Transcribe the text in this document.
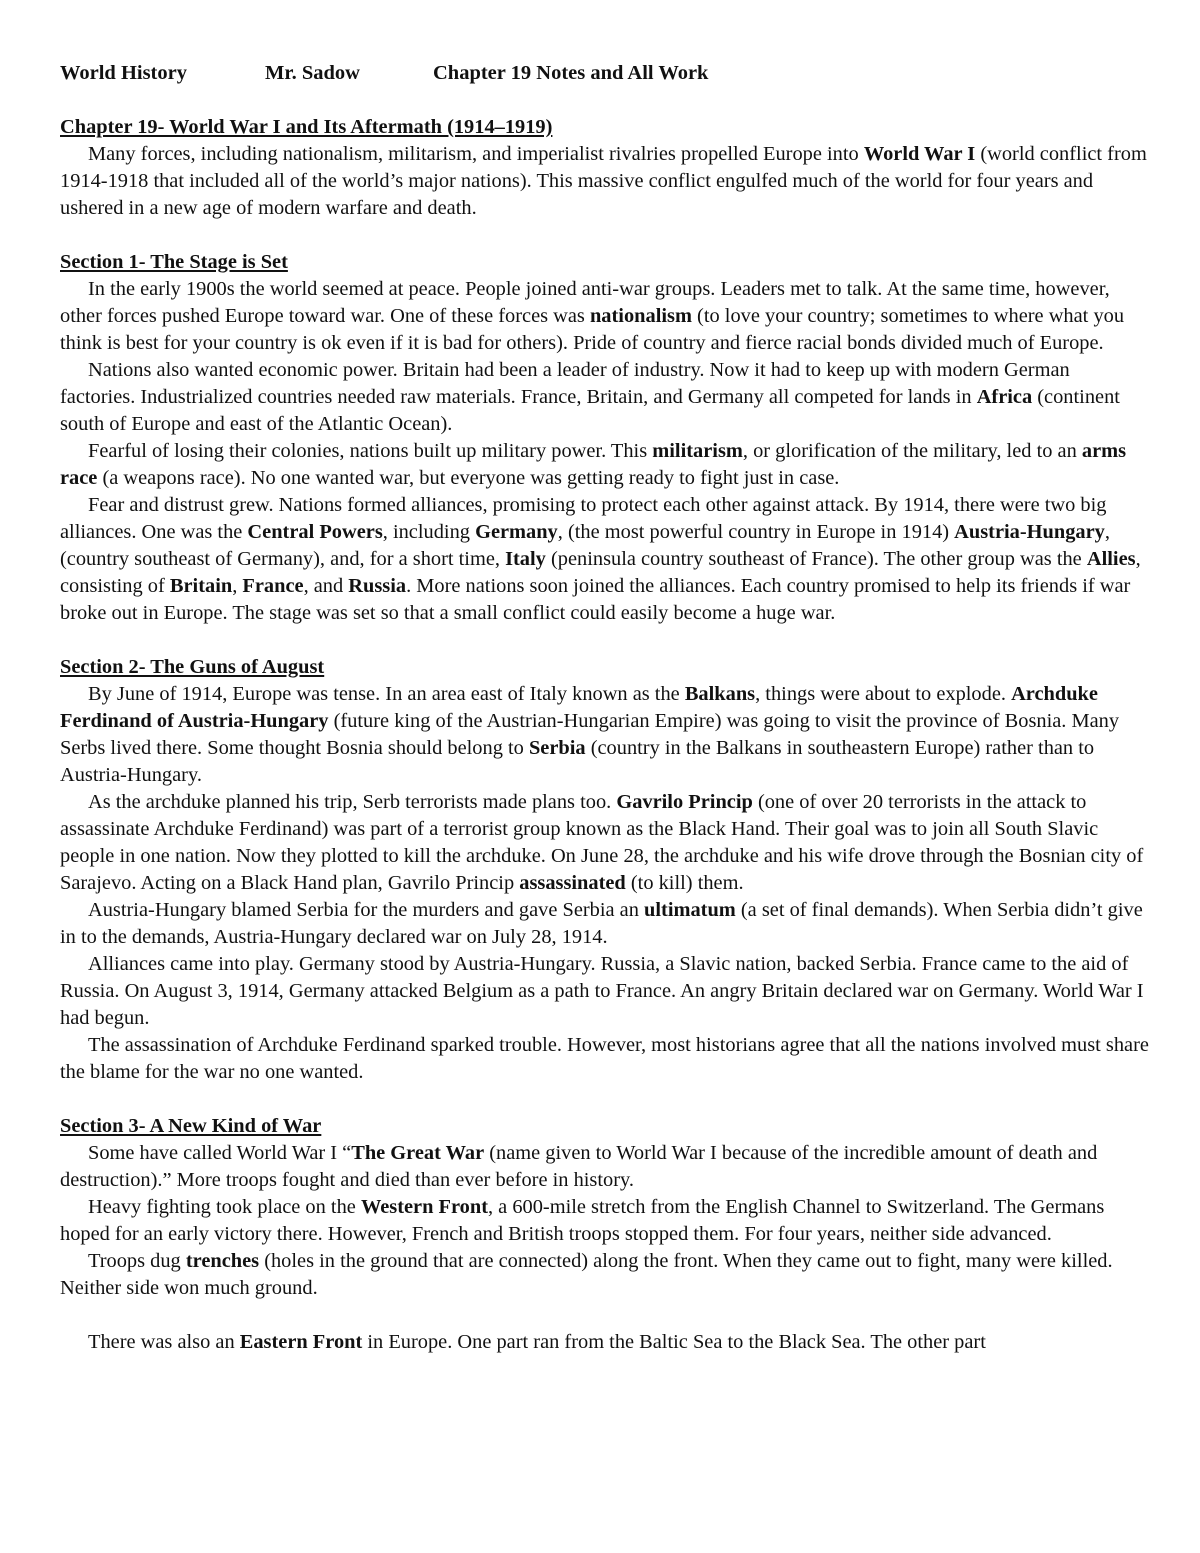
World History	Mr. Sadow	Chapter 19 Notes and All Work
Chapter 19- World War I and Its Aftermath (1914–1919)

Many forces, including nationalism, militarism, and imperialist rivalries propelled Europe into World War I (world conflict from 1914-1918 that included all of the world’s major nations). This massive conflict engulfed much of the world for four years and ushered in a new age of modern warfare and death.

Section 1- The Stage is Set

In the early 1900s the world seemed at peace. People joined anti-war groups. Leaders met to talk. At the same time, however, other forces pushed Europe toward war. One of these forces was nationalism (to love your country; sometimes to where what you think is best for your country is ok even if it is bad for others). Pride of country and fierce racial bonds divided much of Europe.

Nations also wanted economic power. Britain had been a leader of industry. Now it had to keep up with modern German factories. Industrialized countries needed raw materials. France, Britain, and Germany all competed for lands in Africa (continent south of Europe and east of the Atlantic Ocean).

Fearful of losing their colonies, nations built up military power. This militarism, or glorification of the military, led to an arms race (a weapons race). No one wanted war, but everyone was getting ready to fight just in case.

Fear and distrust grew. Nations formed alliances, promising to protect each other against attack. By 1914, there were two big alliances. One was the Central Powers, including Germany, (the most powerful country in Europe in 1914) Austria-Hungary, (country southeast of Germany), and, for a short time, Italy (peninsula country southeast of France). The other group was the Allies, consisting of Britain, France, and Russia. More nations soon joined the alliances. Each country promised to help its friends if war broke out in Europe. The stage was set so that a small conflict could easily become a huge war.

Section 2- The Guns of August

By June of 1914, Europe was tense. In an area east of Italy known as the Balkans, things were about to explode. Archduke Ferdinand of Austria-Hungary (future king of the Austrian-Hungarian Empire) was going to visit the province of Bosnia. Many Serbs lived there. Some thought Bosnia should belong to Serbia (country in the Balkans in southeastern Europe) rather than to Austria-Hungary.

As the archduke planned his trip, Serb terrorists made plans too. Gavrilo Princip (one of over 20 terrorists in the attack to assassinate Archduke Ferdinand) was part of a terrorist group known as the Black Hand. Their goal was to join all South Slavic people in one nation. Now they plotted to kill the archduke. On June 28, the archduke and his wife drove through the Bosnian city of Sarajevo. Acting on a Black Hand plan, Gavrilo Princip assassinated (to kill) them.

Austria-Hungary blamed Serbia for the murders and gave Serbia an ultimatum (a set of final demands). When Serbia didn’t give in to the demands, Austria-Hungary declared war on July 28, 1914.

Alliances came into play. Germany stood by Austria-Hungary. Russia, a Slavic nation, backed Serbia. France came to the aid of Russia. On August 3, 1914, Germany attacked Belgium as a path to France. An angry Britain declared war on Germany. World War I had begun.

The assassination of Archduke Ferdinand sparked trouble. However, most historians agree that all the nations involved must share the blame for the war no one wanted.

Section 3- A New Kind of War

Some have called World War I “The Great War (name given to World War I because of the incredible amount of death and destruction).” More troops fought and died than ever before in history.

Heavy fighting took place on the Western Front, a 600-mile stretch from the English Channel to Switzerland. The Germans hoped for an early victory there. However, French and British troops stopped them. For four years, neither side advanced.

Troops dug trenches (holes in the ground that are connected) along the front. When they came out to fight, many were killed. Neither side won much ground.

There was also an Eastern Front in Europe. One part ran from the Baltic Sea to the Black Sea. The other part
